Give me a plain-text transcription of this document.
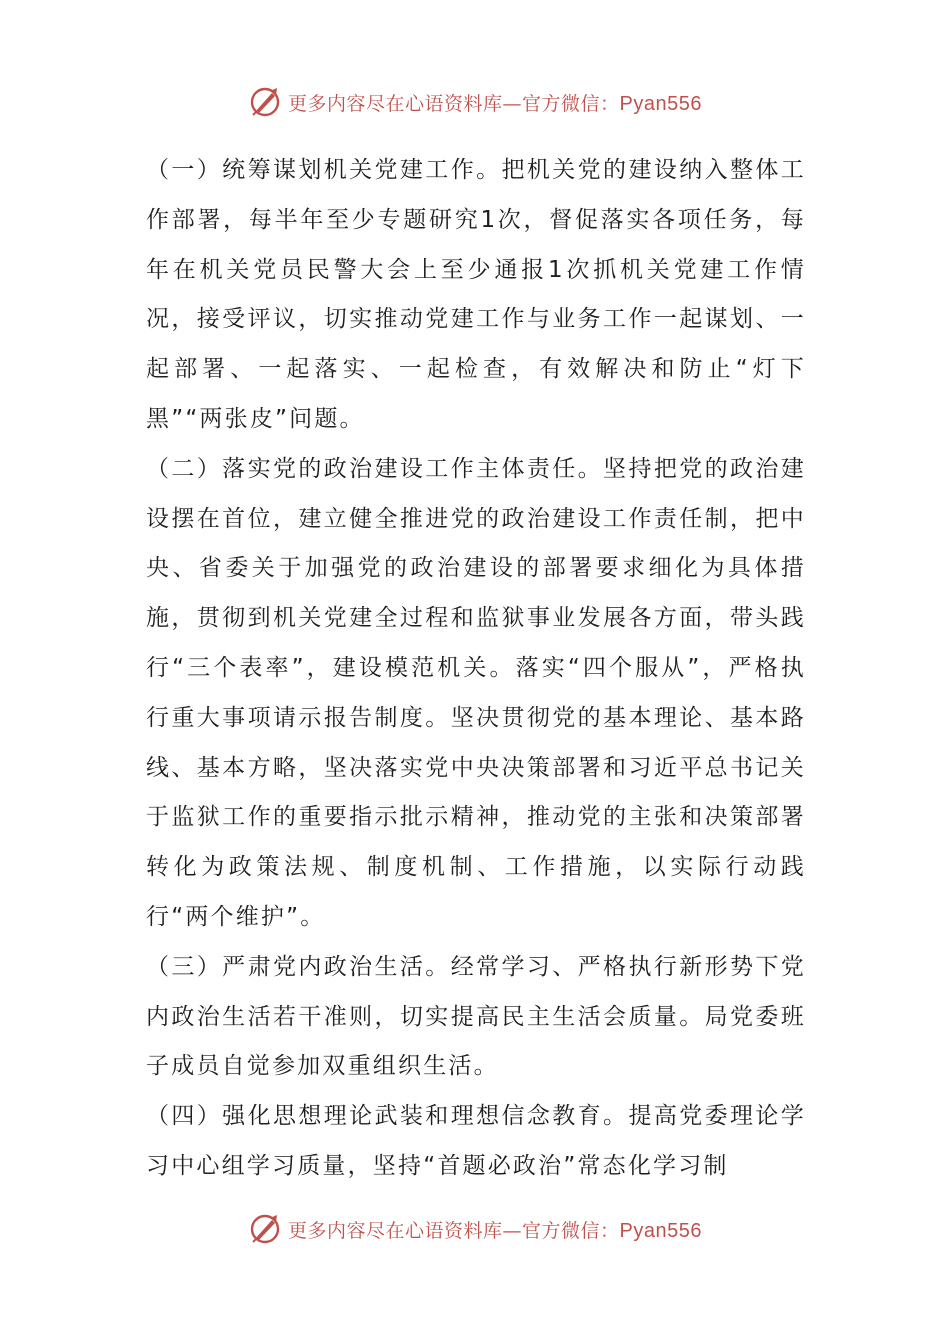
更多内容尽在心语资料库—官方微信：Pyan556

（一）统筹谋划机关党建工作。把机关党的建设纳入整体工作部署，每半年至少专题研究1次，督促落实各项任务，每年在机关党员民警大会上至少通报1次抓机关党建工作情况，接受评议，切实推动党建工作与业务工作一起谋划、一起部署、一起落实、一起检查，有效解决和防止“灯下黑”“两张皮”问题。

（二）落实党的政治建设工作主体责任。坚持把党的政治建设摆在首位，建立健全推进党的政治建设工作责任制，把中央、省委关于加强党的政治建设的部署要求细化为具体措施，贯彻到机关党建全过程和监狱事业发展各方面，带头践行“三个表率”，建设模范机关。落实“四个服从”，严格执行重大事项请示报告制度。坚决贯彻党的基本理论、基本路线、基本方略，坚决落实党中央决策部署和习近平总书记关于监狱工作的重要指示批示精神，推动党的主张和决策部署转化为政策法规、制度机制、工作措施，以实际行动践行“两个维护”。

（三）严肃党内政治生活。经常学习、严格执行新形势下党内政治生活若干准则，切实提高民主生活会质量。局党委班子成员自觉参加双重组织生活。

（四）强化思想理论武装和理想信念教育。提高党委理论学习中心组学习质量，坚持“首题必政治”常态化学习制

更多内容尽在心语资料库—官方微信：Pyan556
